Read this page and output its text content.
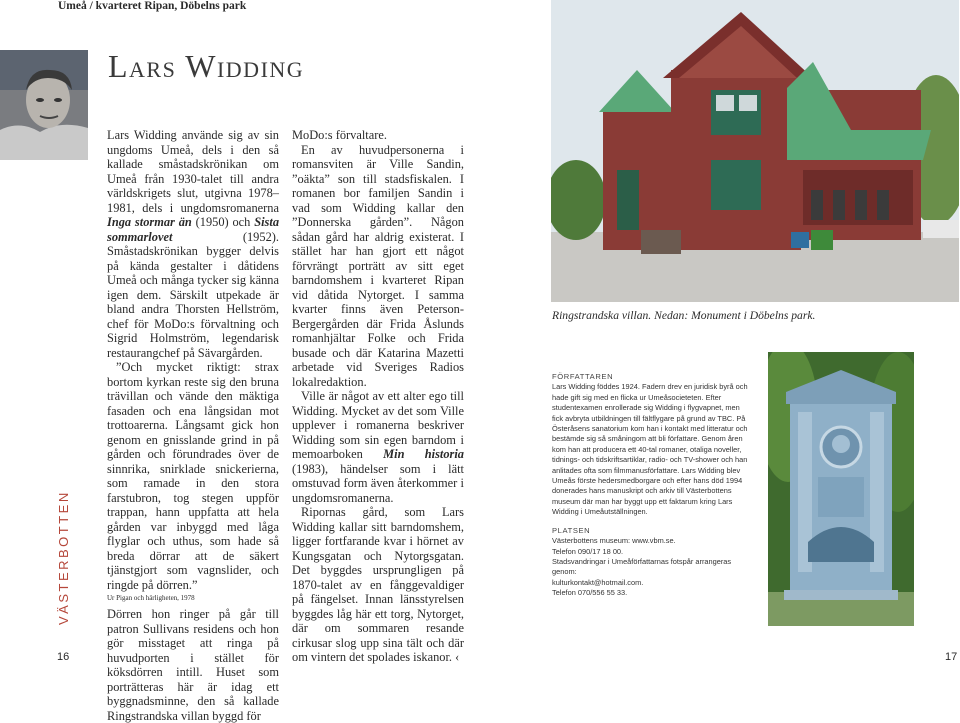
Umeå / kvarteret Ripan, Döbelns park
Lars Widding
VÄSTERBOTTEN

Lars Widding använde sig av sin ungdoms Umeå, dels i den så kallade småstadskrönikan om Umeå från 1930-talet till andra världskrigets slut, utgivna 1978–1981, dels i ungdomsromanerna Inga stormar än (1950) och Sista sommarlovet (1952). Småstadskrönikan bygger delvis på kända gestalter i dåtidens Umeå och många tycker sig känna igen dem. Särskilt utpekade är bland andra Thorsten Hellström, chef för MoDo:s förvaltning och Sigrid Holmström, legendarisk restaurangchef på Sävargården.

”Och mycket riktigt: strax bortom kyrkan reste sig den bruna trävillan och vände den mäktiga fasaden och ena långsidan mot trottoarerna. Långsamt gick hon genom en gnisslande grind in på gården och förundrades över de sinnrika, snirklade snickerierna, som ramade in den stora farstubron, tog stegen uppför trappan, hann uppfatta att hela gården var inbyggd med låga flyglar och uthus, som hade så breda dörrar att de säkert tjänstgjort som vagnslider, och ringde på dörren.”

Ur Pigan och härligheten, 1978

Dörren hon ringer på går till patron Sullivans residens och hon gör misstaget att ringa på huvudporten i stället för köksdörren intill. Huset som porträtteras här är idag ett byggnadsminne, den så kallade Ringstrandska villan byggd för

MoDo:s förvaltare.

En av huvudpersonerna i romansviten är Ville Sandin, ”oäkta” son till stadsfiskalen. I romanen bor familjen Sandin i vad som Widding kallar den ”Donnerska gården”. Någon sådan gård har aldrig existerat. I stället har han gjort ett något förvrängt porträtt av sitt eget barndomshem i kvarteret Ripan vid dåtida Nytorget. I samma kvarter finns även Peterson-Bergergården där Frida Åslunds romanhjältar Folke och Frida busade och där Katarina Mazetti arbetade vid Sveriges Radios lokalredaktion.

Ville är något av ett alter ego till Widding. Mycket av det som Ville upplever i romanerna beskriver Widding som sin egen barndom i memoarboken Min historia (1983), händelser som i lätt omstuvad form även återkommer i ungdomsromanerna.

Ripornas gård, som Lars Widding kallar sitt barndomshem, ligger fortfarande kvar i hörnet av Kungsgatan och Nytorgsgatan. Det byggdes ursprungligen på 1870-talet av en fånggevaldiger på fängelset. Innan länsstyrelsen byggdes låg här ett torg, Nytorget, där om sommaren resande cirkusar slog upp sina tält och där om vintern det spolades iskanor. ‹

Ringstrandska villan. Nedan: Monument i Döbelns park.

FÖRFATTAREN

Lars Widding föddes 1924. Fadern drev en juridisk byrå och hade gift sig med en flicka ur Umeåsocieteten. Efter studentexamen enrollerade sig Widding i flygvapnet, men fick avbryta utbildningen till fältflygare på grund av TBC. På Österåsens sanatorium kom han i kontakt med litteratur och bestämde sig så småningom att bli författare. Genom åren kom han att producera ett 40-tal romaner, otaliga noveller, tidnings- och tidskriftsartiklar, radio- och TV-shower och han anlitades ofta som filmmanusförfattare. Lars Widding blev Umeås förste hedersmedborgare och efter hans död 1994 donerades hans manuskript och arkiv till Västerbottens museum där man har byggt upp ett faktarum kring Lars Widding i Umeåutställningen.

PLATSEN

Västerbottens museum: www.vbm.se.

Telefon 090/17 18 00.

Stadsvandringar i Umeåförfattarnas fotspår arrangeras genom:

kulturkontakt@hotmail.com.

Telefon 070/556 55 33.

16	17
